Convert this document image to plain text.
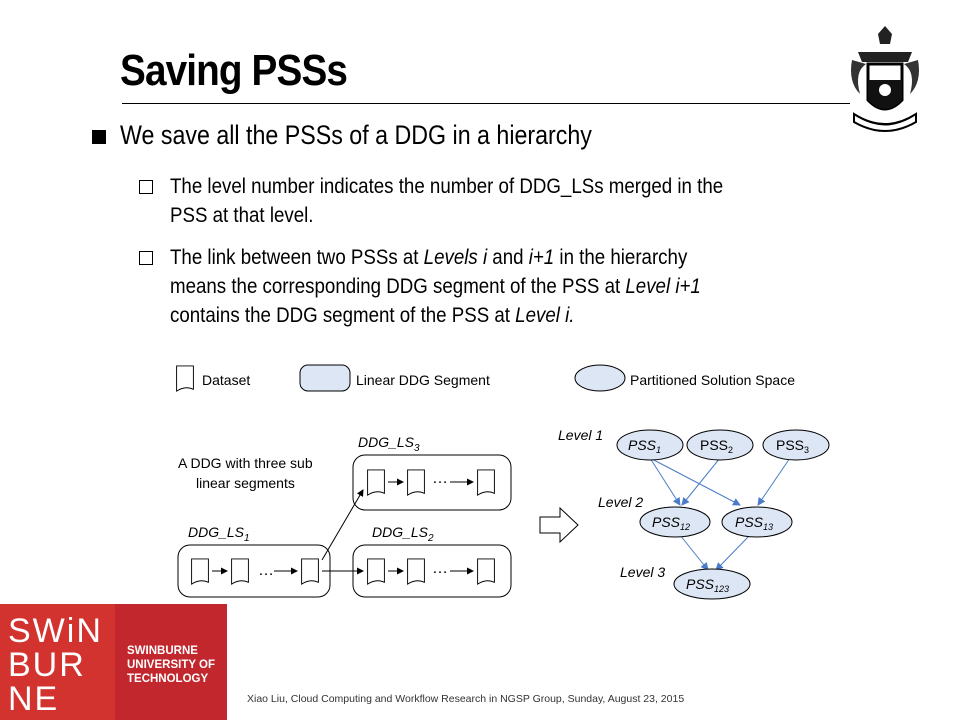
Saving PSSs
We save all the PSSs of a DDG in a hierarchy
The level number indicates the number of DDG_LSs merged in the
PSS at that level.
The link between two PSSs at Levels i and i+1 in the hierarchy
means the corresponding DDG segment of the PSS at Level i+1
contains the DDG segment of the PSS at Level i.
Dataset	Linear DDG Segment	Partitioned Solution Space
A DDG with three sub
linear segments
$DDG\_LS_3$
…
$DDG\_LS_1$
…
$DDG\_LS_2$
…
Level 1
Level 2
Level 3
$PSS_1$	$PSS_2$	$PSS_3$
$PSS_{12}$	$PSS_{13}$
$PSS_{123}$
SWiN
BUR
NE
SWINBURNE
UNIVERSITY OF
TECHNOLOGY
Xiao Liu, Cloud Computing and Workflow Research in NGSP Group, Sunday, August 23, 2015
